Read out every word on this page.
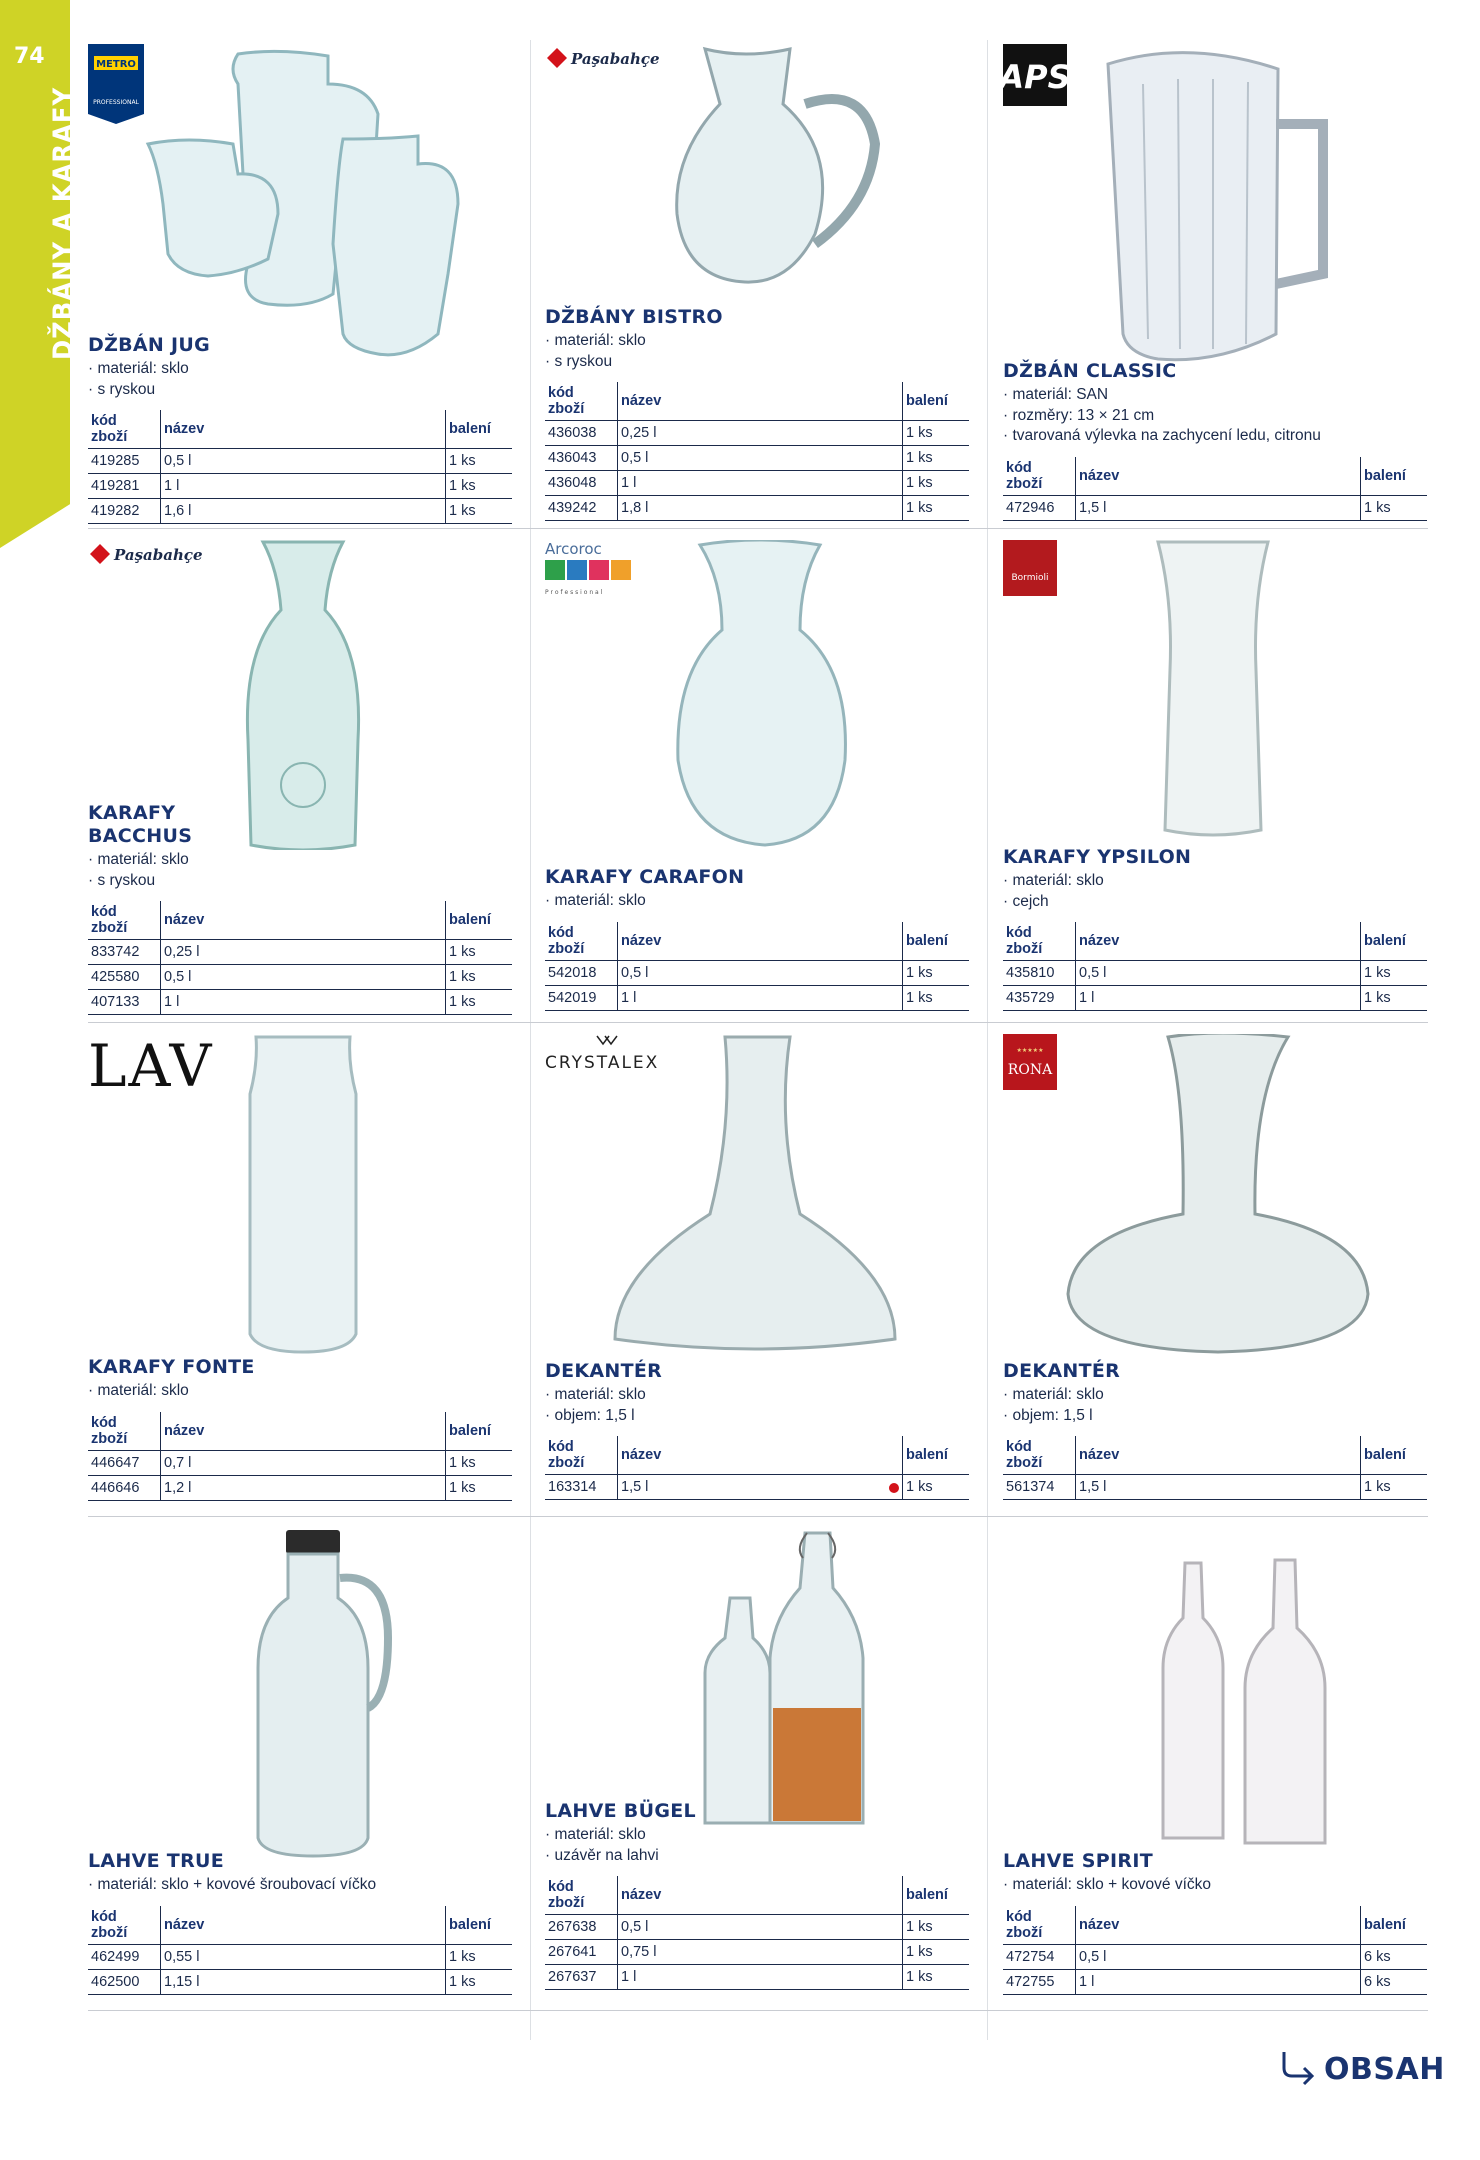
74
DŽBÁNY A KARAFY
METRO
PROFESSIONAL
DŽBÁN JUG
· materiál: sklo
· s ryskou
kód zboží	název	balení
419285	0,5 l	1 ks
419281	1 l	1 ks
419282	1,6 l	1 ks
Paşabahçe
DŽBÁNY BISTRO
· materiál: sklo
· s ryskou
kód zboží	název	balení
436038	0,25 l	1 ks
436043	0,5 l	1 ks
436048	1 l	1 ks
439242	1,8 l	1 ks
APS
DŽBÁN CLASSIC
· materiál: SAN
· rozměry: 13 × 21 cm
· tvarovaná výlevka na zachycení ledu, citronu
kód zboží	název	balení
472946	1,5 l	1 ks
Paşabahçe
KARAFY BACCHUS
· materiál: sklo
· s ryskou
kód zboží	název	balení
833742	0,25 l	1 ks
425580	0,5 l	1 ks
407133	1 l	1 ks
Arcoroc
P r o f e s s i o n a l
KARAFY CARAFON
· materiál: sklo
kód zboží	název	balení
542018	0,5 l	1 ks
542019	1 l	1 ks
Bormioli
KARAFY YPSILON
· materiál: sklo
· cejch
kód zboží	název	balení
435810	0,5 l	1 ks
435729	1 l	1 ks
LAV
KARAFY FONTE
· materiál: sklo
kód zboží	název	balení
446647	0,7 l	1 ks
446646	1,2 l	1 ks
CRYSTALEX
DEKANTÉR
· materiál: sklo
· objem: 1,5 l
kód zboží	název	balení
163314	1,5 l	1 ks
★★★★★
RONA
DEKANTÉR
· materiál: sklo
· objem: 1,5 l
kód zboží	název	balení
561374	1,5 l	1 ks
LAHVE TRUE
· materiál: sklo + kovové šroubovací víčko
kód zboží	název	balení
462499	0,55 l	1 ks
462500	1,15 l	1 ks
LAHVE BÜGEL
· materiál: sklo
· uzávěr na lahvi
kód zboží	název	balení
267638	0,5 l	1 ks
267641	0,75 l	1 ks
267637	1 l	1 ks
LAHVE SPIRIT
· materiál: sklo + kovové víčko
kód zboží	název	balení
472754	0,5 l	6 ks
472755	1 l	6 ks
OBSAH
